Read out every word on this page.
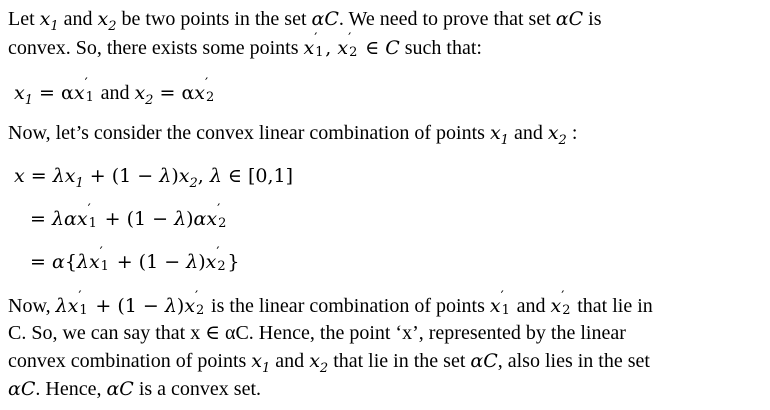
Let $x_1$ and $x_2$ be two points in the set αC. We need to prove that set αC is
convex. So, there exists some points x ′
1 , x ′
2 ∈ C such that:
$x_1 = \alpha x$ ′
1 and $x_2 = \alpha x$ ′
2
Now, let’s consider the convex linear combination of points $x_1$ and $x_2$ :
$x = \lambda x_1 + (1 - \lambda)x_2$, λ ∈ [0,1]
= λαx ′
1 + (1 − λ)αx ′
2
= α{λx ′
1 + (1 − λ)x ′
2 }
Now, λx ′
1 + (1 − λ)x ′
2 is the linear combination of points x ′
1 and x ′
2 that lie in
C. So, we can say that x ∈ αC. Hence, the point ‘x’, represented by the linear
convex combination of points $x_1$ and $x_2$ that lie in the set αC, also lies in the set
αC. Hence, αC is a convex set.
